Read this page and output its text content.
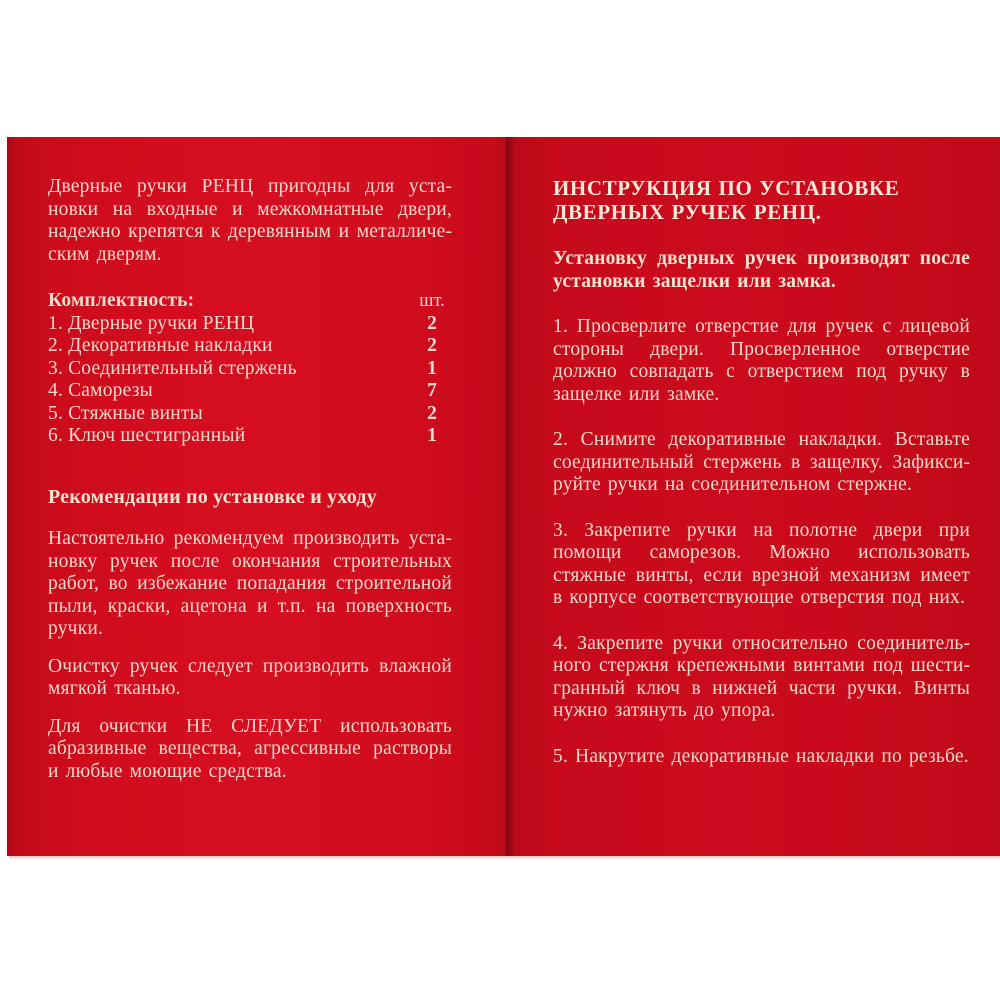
Дверные ручки РЕНЦ пригодны для установки на входные и межкомнатные двери, надежно крепятся к деревянным и металлическим дверям.

Комплектность:	шт.
1. Дверные ручки РЕНЦ	2
2. Декоративные накладки	2
3. Соединительный стержень	1
4. Саморезы	7
5. Стяжные винты	2
6. Ключ шестигранный	1
Рекомендации по установке и уходу

Настоятельно рекомендуем производить установку ручек после окончания строительных работ, во избежание попадания строительной пыли, краски, ацетона и т.п. на поверхность ручки.

Очистку ручек следует производить влажной мягкой тканью.

Для очистки НЕ СЛЕДУЕТ использовать абразивные вещества, агрессивные растворы и любые моющие средства.

ИНСТРУКЦИЯ ПО УСТАНОВКЕ ДВЕРНЫХ РУЧЕК РЕНЦ.

Установку дверных ручек производят после установки защелки или замка.

1. Просверлите отверстие для ручек с лицевой стороны двери. Просверленное отверстие должно совпадать с отверстием под ручку в защелке или замке.

2. Снимите декоративные накладки. Вставьте соединительный стержень в защелку. Зафиксируйте ручки на соединительном стержне.

3. Закрепите ручки на полотне двери при помощи саморезов. Можно использовать стяжные винты, если врезной механизм имеет в корпусе соответствующие отверстия под них.

4. Закрепите ручки относительно соединительного стержня крепежными винтами под шестигранный ключ в нижней части ручки. Винты нужно затянуть до упора.

5. Накрутите декоративные накладки по резьбе.
